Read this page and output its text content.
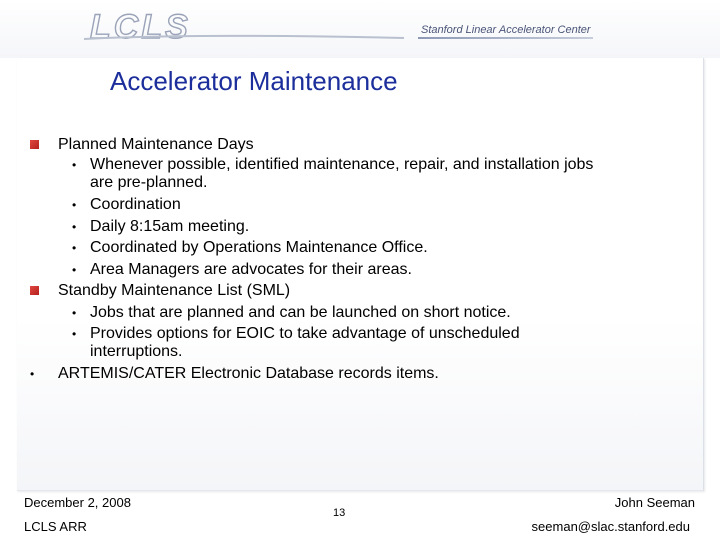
LCLS	Stanford Linear Accelerator Center
Accelerator Maintenance
Planned Maintenance Days
• Whenever possible, identified maintenance, repair, and installation jobs
are pre-planned.
• Coordination
• Daily 8:15am meeting.
• Coordinated by Operations Maintenance Office.
• Area Managers are advocates for their areas.
Standby Maintenance List (SML)
• Jobs that are planned and can be launched on short notice.
• Provides options for EOIC to take advantage of unscheduled
interruptions.
• ARTEMIS/CATER Electronic Database records items.
December 2, 2008
LCLS ARR
13
John Seeman
seeman@slac.stanford.edu
